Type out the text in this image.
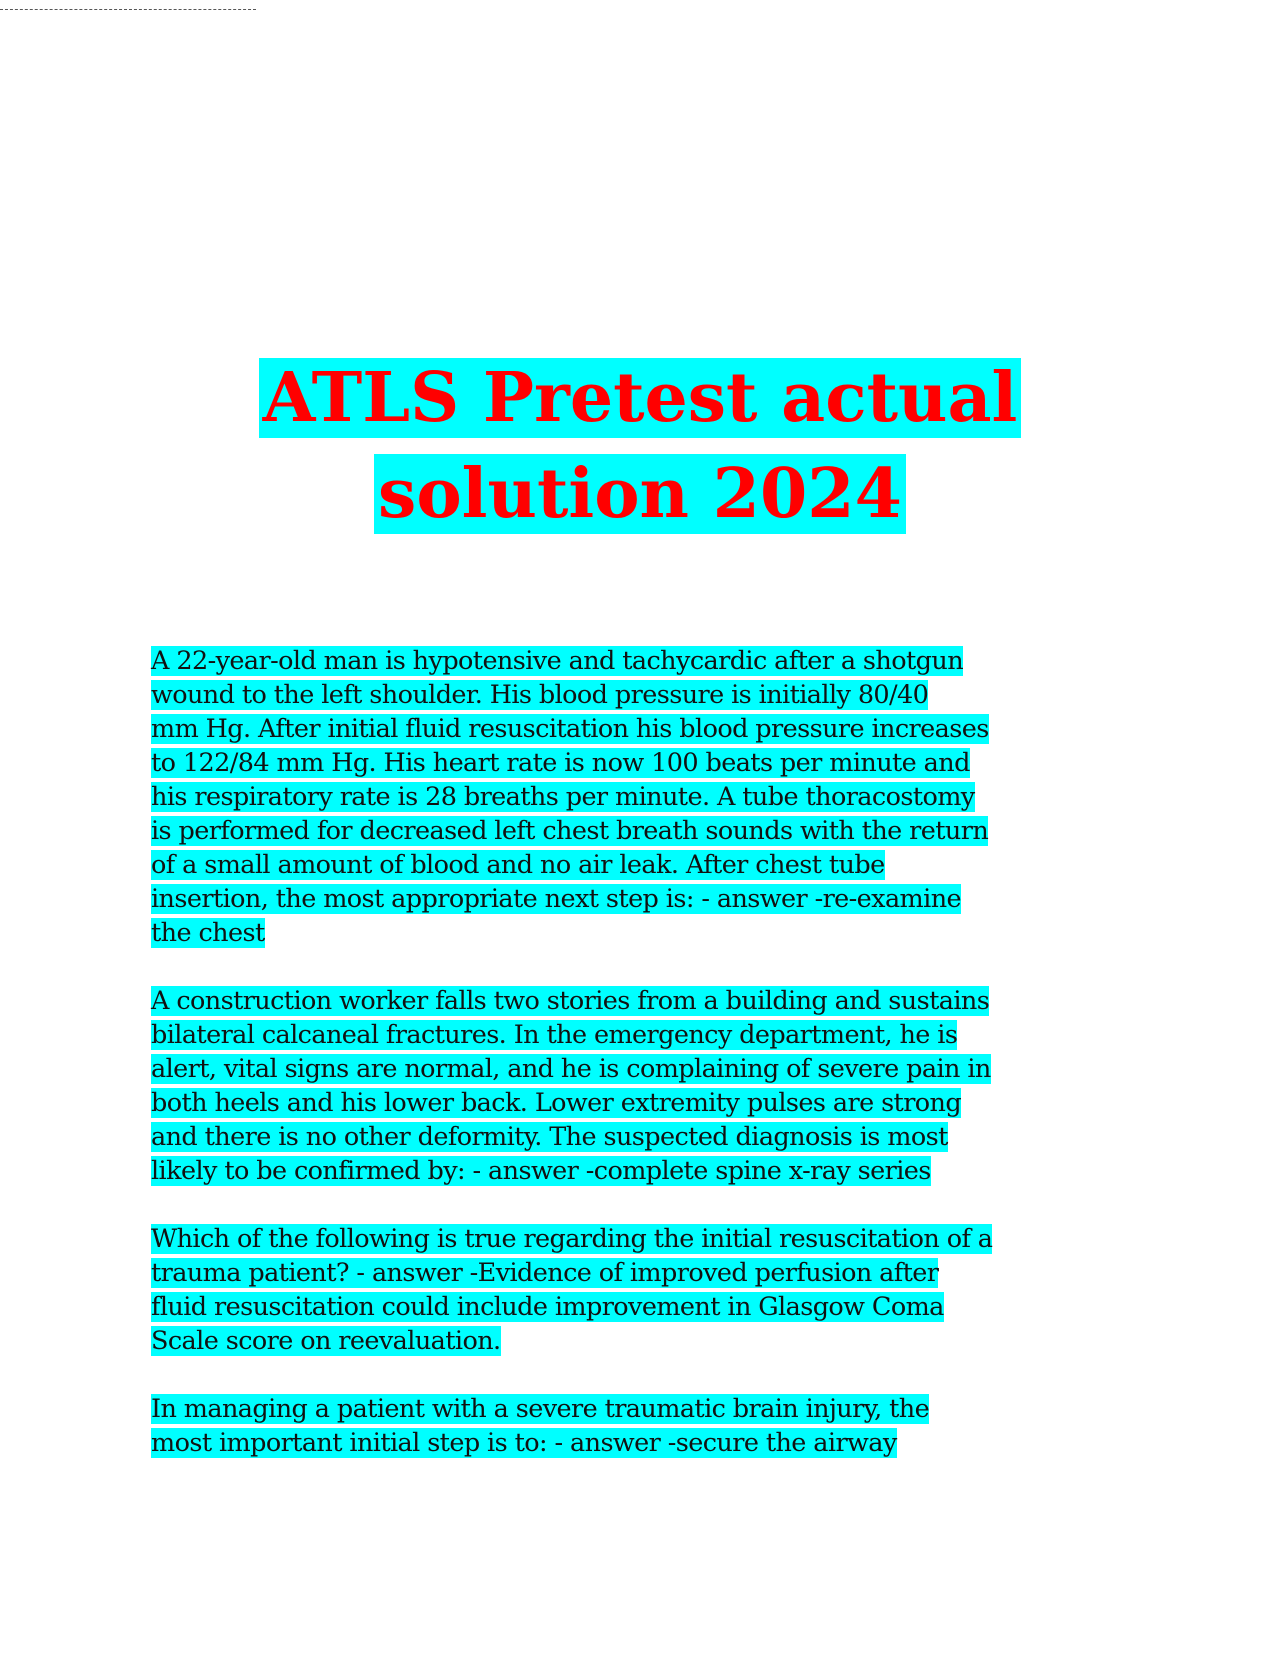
ATLS Pretest actual
solution 2024
A 22-year-old man is hypotensive and tachycardic after a shotgun
wound to the left shoulder. His blood pressure is initially 80/40
mm Hg. After initial fluid resuscitation his blood pressure increases
to 122/84 mm Hg. His heart rate is now 100 beats per minute and
his respiratory rate is 28 breaths per minute. A tube thoracostomy
is performed for decreased left chest breath sounds with the return
of a small amount of blood and no air leak. After chest tube
insertion, the most appropriate next step is: - answer -re-examine
the chest
A construction worker falls two stories from a building and sustains
bilateral calcaneal fractures. In the emergency department, he is
alert, vital signs are normal, and he is complaining of severe pain in
both heels and his lower back. Lower extremity pulses are strong
and there is no other deformity. The suspected diagnosis is most
likely to be confirmed by: - answer -complete spine x-ray series
Which of the following is true regarding the initial resuscitation of a
trauma patient? - answer -Evidence of improved perfusion after
fluid resuscitation could include improvement in Glasgow Coma
Scale score on reevaluation.
In managing a patient with a severe traumatic brain injury, the
most important initial step is to: - answer -secure the airway
